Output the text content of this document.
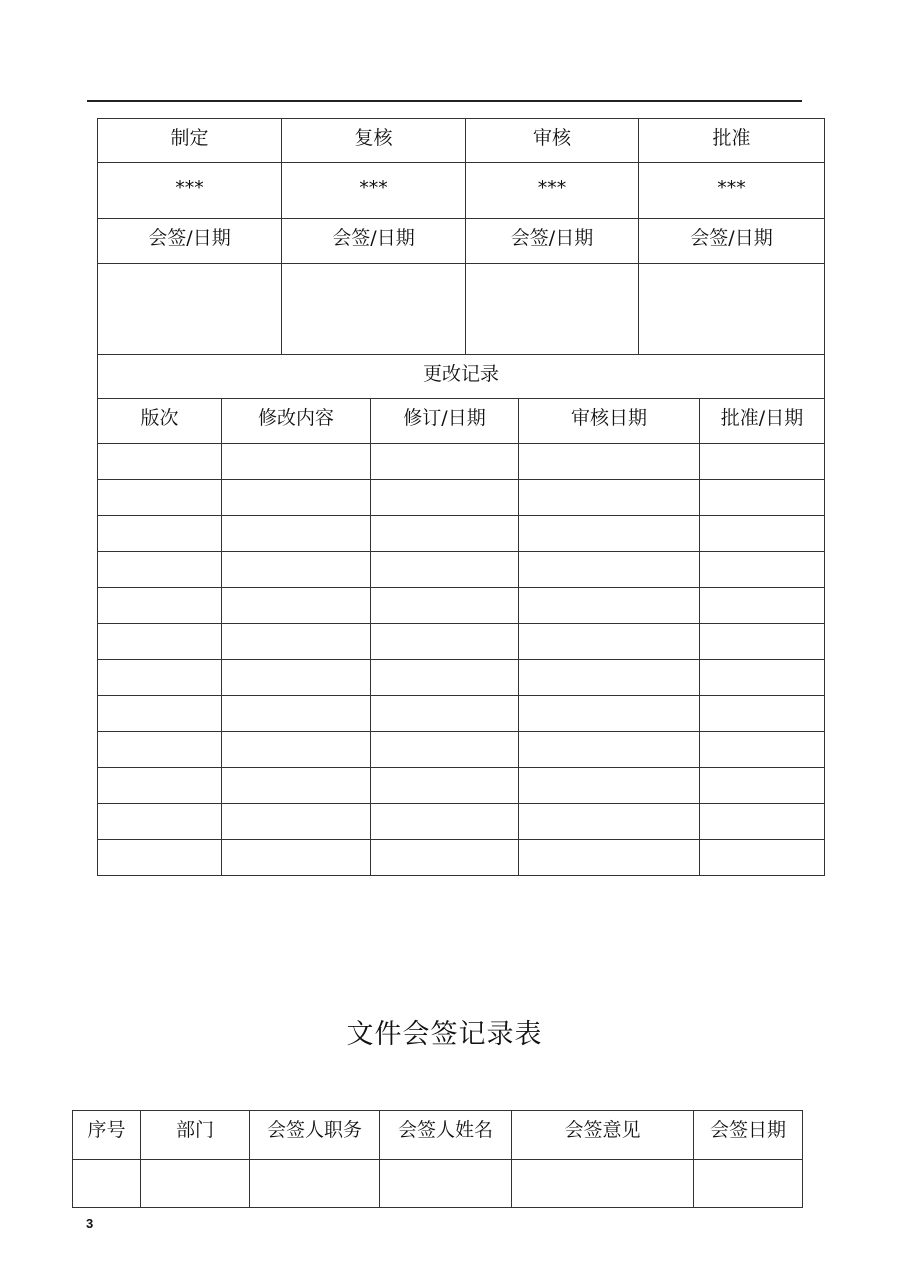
制定	复核	审核	批准
***	***	***	***
会签/日期	会签/日期	会签/日期	会签/日期

更改记录			
版次	修改内容	修订/日期	审核日期	批准/日期

文件会签记录表
序号	部门	会签人职务	会签人姓名	会签意见	会签日期

3
